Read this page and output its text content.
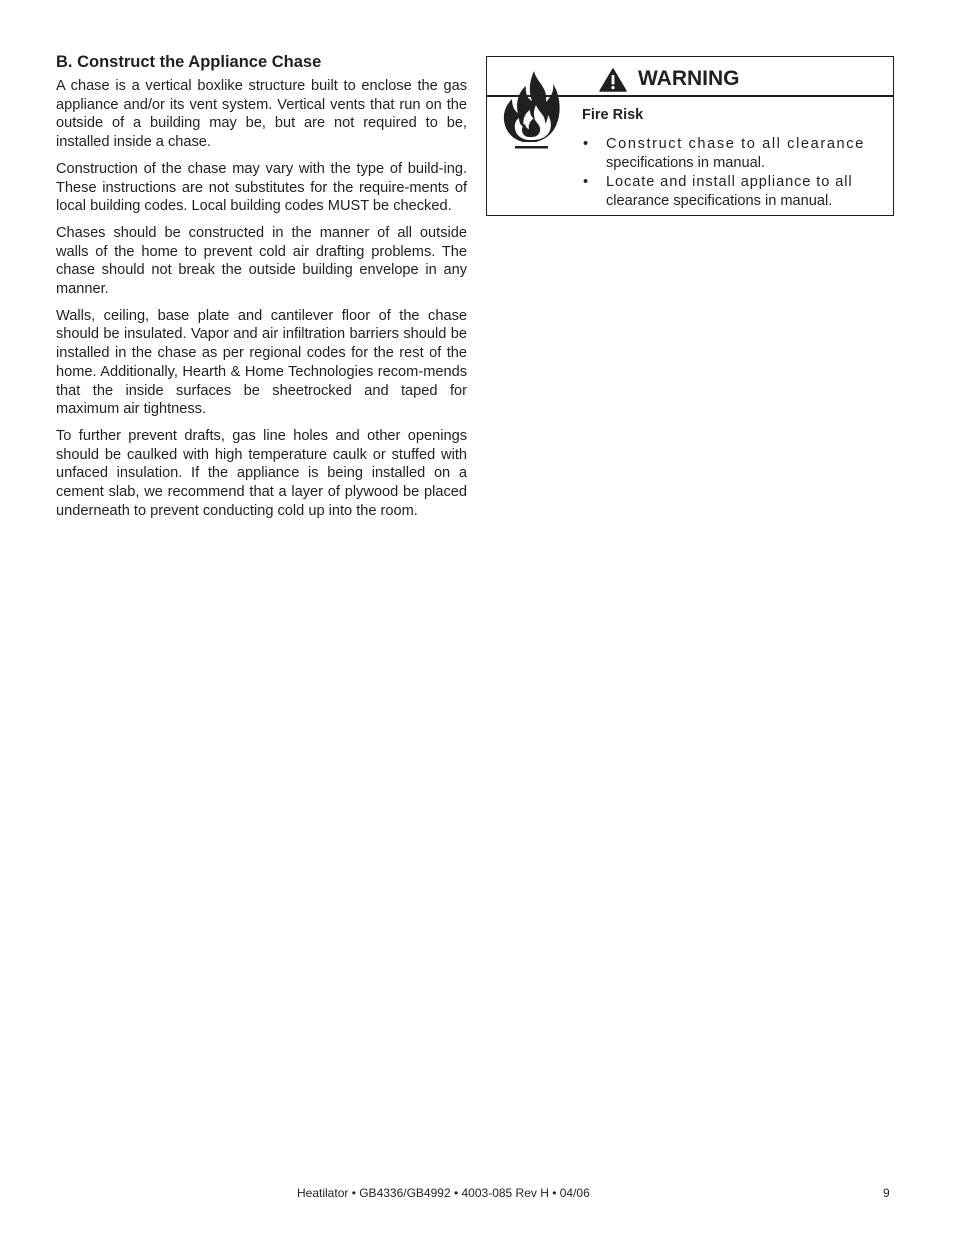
B. Construct the Appliance Chase

A chase is a vertical boxlike structure built to enclose the gas appliance and/or its vent system. Vertical vents that run on the outside of a building may be, but are not required to be, installed inside a chase.

Construction of the chase may vary with the type of build-ing. These instructions are not substitutes for the require-ments of local building codes. Local building codes MUST be checked.

Chases should be constructed in the manner of all outside walls of the home to prevent cold air drafting problems. The chase should not break the outside building envelope in any manner.

Walls, ceiling, base plate and cantilever floor of the chase should be insulated. Vapor and air infiltration barriers should be installed in the chase as per regional codes for the rest of the home. Additionally, Hearth & Home Technologies recom-mends that the inside surfaces be sheetrocked and taped for maximum air tightness.

To further prevent drafts, gas line holes and other openings should be caulked with high temperature caulk or stuffed with unfaced insulation. If the appliance is being installed on a cement slab, we recommend that a layer of plywood be placed underneath to prevent conducting cold up into the room.

WARNING
Fire Risk
• Construct chase to all clearance
specifications in manual.
• Locate and install appliance to all
clearance specifications in manual.
Heatilator • GB4336/GB4992 • 4003-085 Rev H • 04/06	9
